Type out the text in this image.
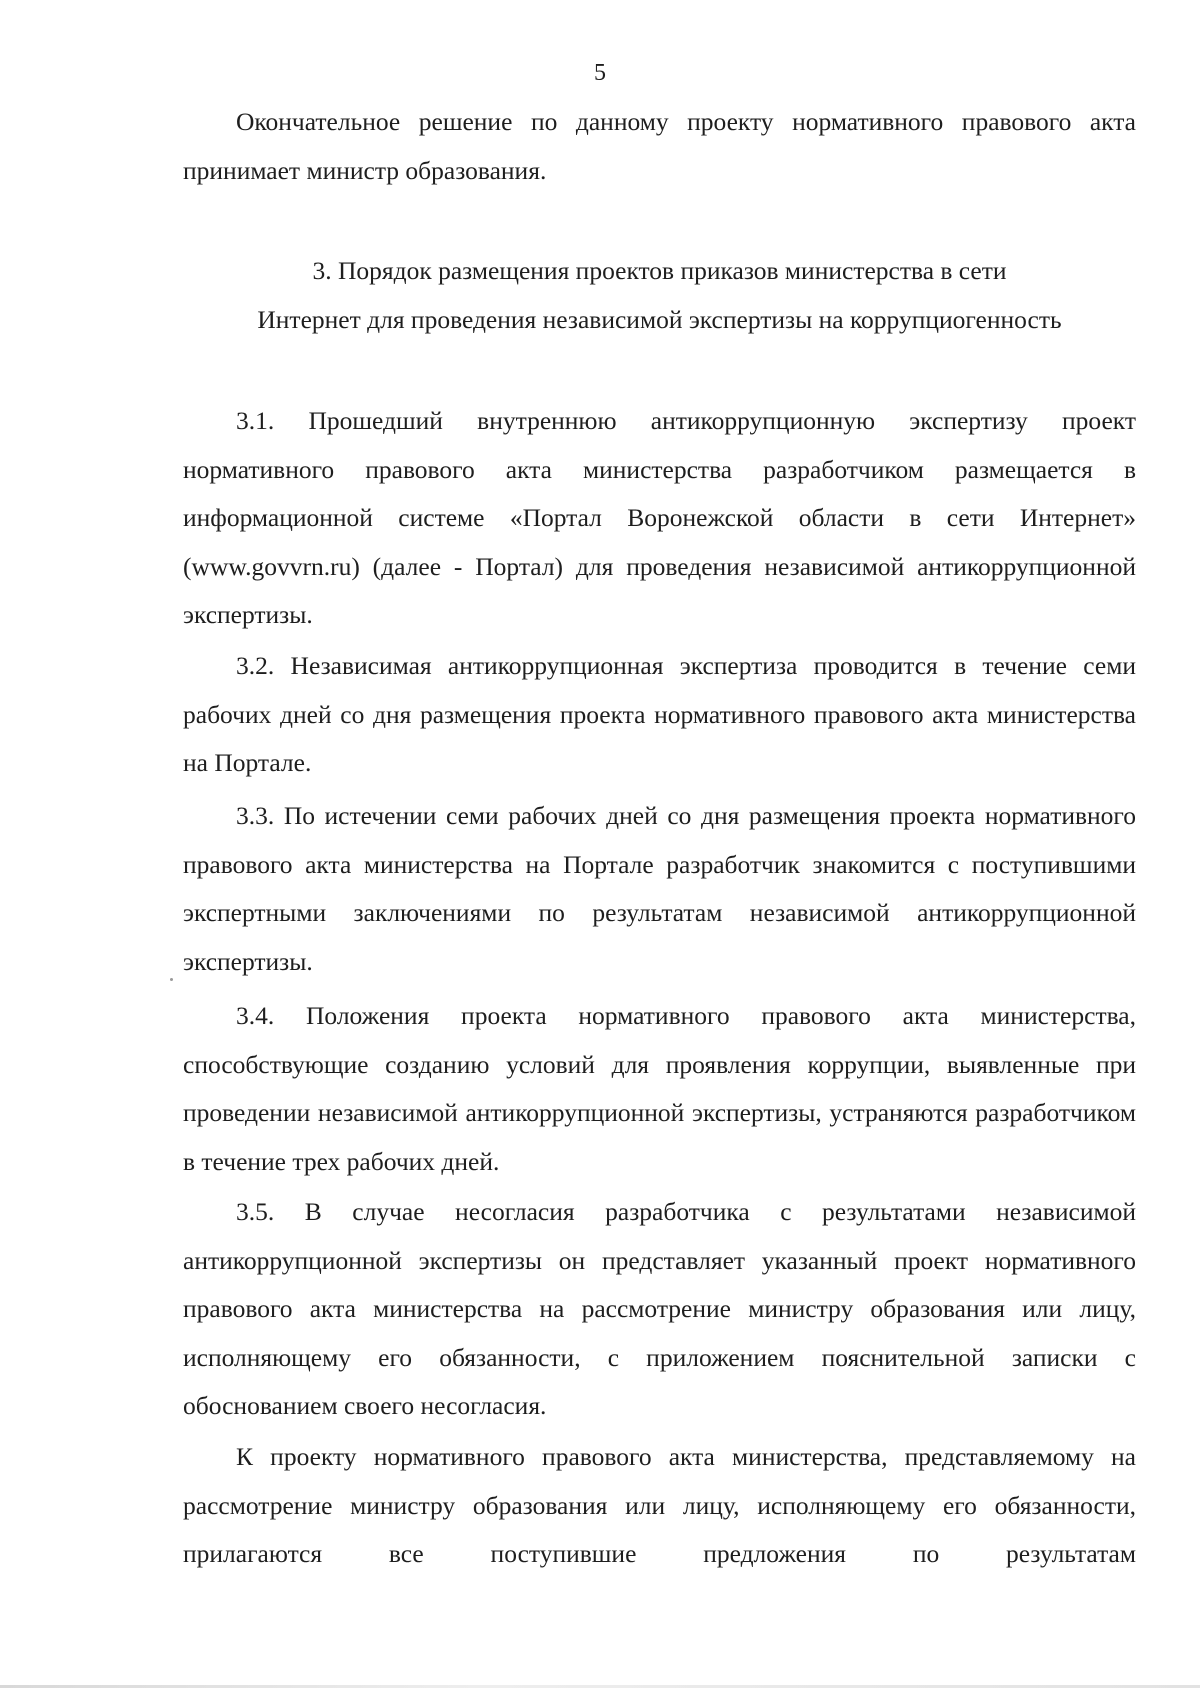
5

Окончательное решение по данному проекту нормативного правового акта принимает министр образования.

3. Порядок размещения проектов приказов министерства в сети
Интернет для проведения независимой экспертизы на коррупциогенность

3.1. Прошедший внутреннюю антикоррупционную экспертизу проект нормативного правового акта министерства разработчиком размещается в информационной системе «Портал Воронежской области в сети Интернет» (www.govvrn.ru) (далее - Портал) для проведения независимой антикоррупционной экспертизы.

3.2. Независимая антикоррупционная экспертиза проводится в течение семи рабочих дней со дня размещения проекта нормативного правового акта министерства на Портале.

3.3. По истечении семи рабочих дней со дня размещения проекта нормативного правового акта министерства на Портале разработчик знакомится с поступившими экспертными заключениями по результатам независимой антикоррупционной экспертизы.

3.4. Положения проекта нормативного правового акта министерства, способствующие созданию условий для проявления коррупции, выявленные при проведении независимой антикоррупционной экспертизы, устраняются разработчиком в течение трех рабочих дней.

3.5. В случае несогласия разработчика с результатами независимой антикоррупционной экспертизы он представляет указанный проект нормативного правового акта министерства на рассмотрение министру образования или лицу, исполняющему его обязанности, с приложением пояснительной записки с обоснованием своего несогласия.

К проекту нормативного правового акта министерства, представляемому на рассмотрение министру образования или лицу, исполняющему его обязанности, прилагаются все поступившие предложения по результатам
